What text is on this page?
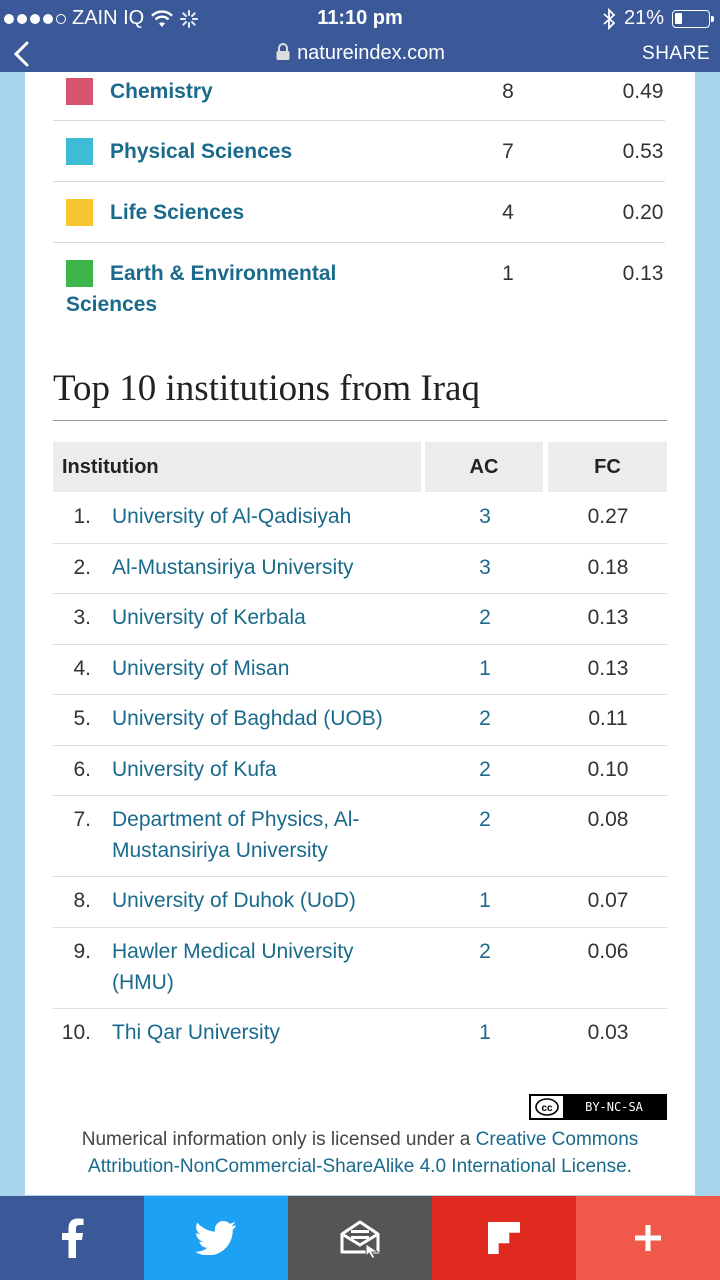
ZAIN IQ	11:10 pm	21%
natureindex.com	SHARE
Chemistry	8	0.49
Physical Sciences	7	0.53
Life Sciences	4	0.20
Earth & Environmental
Sciences
1	0.13
Top 10 institutions from Iraq
Institution	AC	FC
1. University of Al-Qadisiyah	3	0.27
2. Al-Mustansiriya University	3	0.18
3. University of Kerbala	2	0.13
4. University of Misan	1	0.13
5. University of Baghdad (UOB)	2	0.11
6. University of Kufa	2	0.10
7. Department of Physics, Al-
Mustansiriya University
2	0.08
8. University of Duhok (UoD)	1	0.07
9. Hawler Medical University
(HMU)
2	0.06
10. Thi Qar University	1	0.03
cc	BY-NC-SA
Numerical information only is licensed under a Creative Commons
Attribution-NonCommercial-ShareAlike 4.0 International License.
